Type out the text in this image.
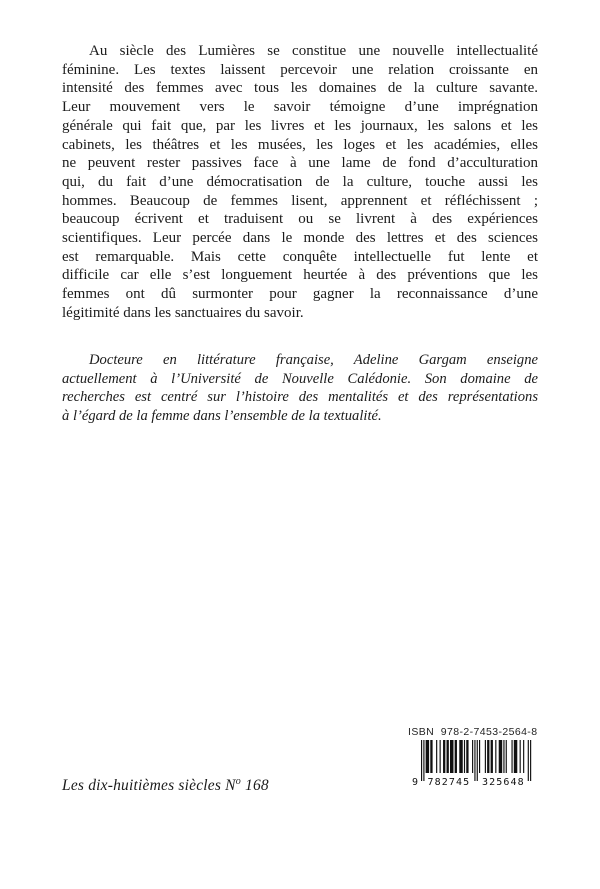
Au siècle des Lumières se constitue une nouvelle intellectualité
féminine. Les textes laissent percevoir une relation croissante en
intensité des femmes avec tous les domaines de la culture savante.
Leur mouvement vers le savoir témoigne d’une imprégnation
générale qui fait que, par les livres et les journaux, les salons et les
cabinets, les théâtres et les musées, les loges et les académies, elles
ne peuvent rester passives face à une lame de fond d’acculturation
qui, du fait d’une démocratisation de la culture, touche aussi les
hommes. Beaucoup de femmes lisent, apprennent et réfléchissent ;
beaucoup écrivent et traduisent ou se livrent à des expériences
scientifiques. Leur percée dans le monde des lettres et des sciences
est remarquable. Mais cette conquête intellectuelle fut lente et
difficile car elle s’est longuement heurtée à des préventions que les
femmes ont dû surmonter pour gagner la reconnaissance d’une
légitimité dans les sanctuaires du savoir.
Docteure en littérature française, Adeline Gargam enseigne
actuellement à l’Université de Nouvelle Calédonie. Son domaine de
recherches est centré sur l’histoire des mentalités et des représentations
à l’égard de la femme dans l’ensemble de la textualité.
Les dix-huitièmes siècles $N^o$ 168
ISBN  978-2-7453-2564-8
9 782745 325648
